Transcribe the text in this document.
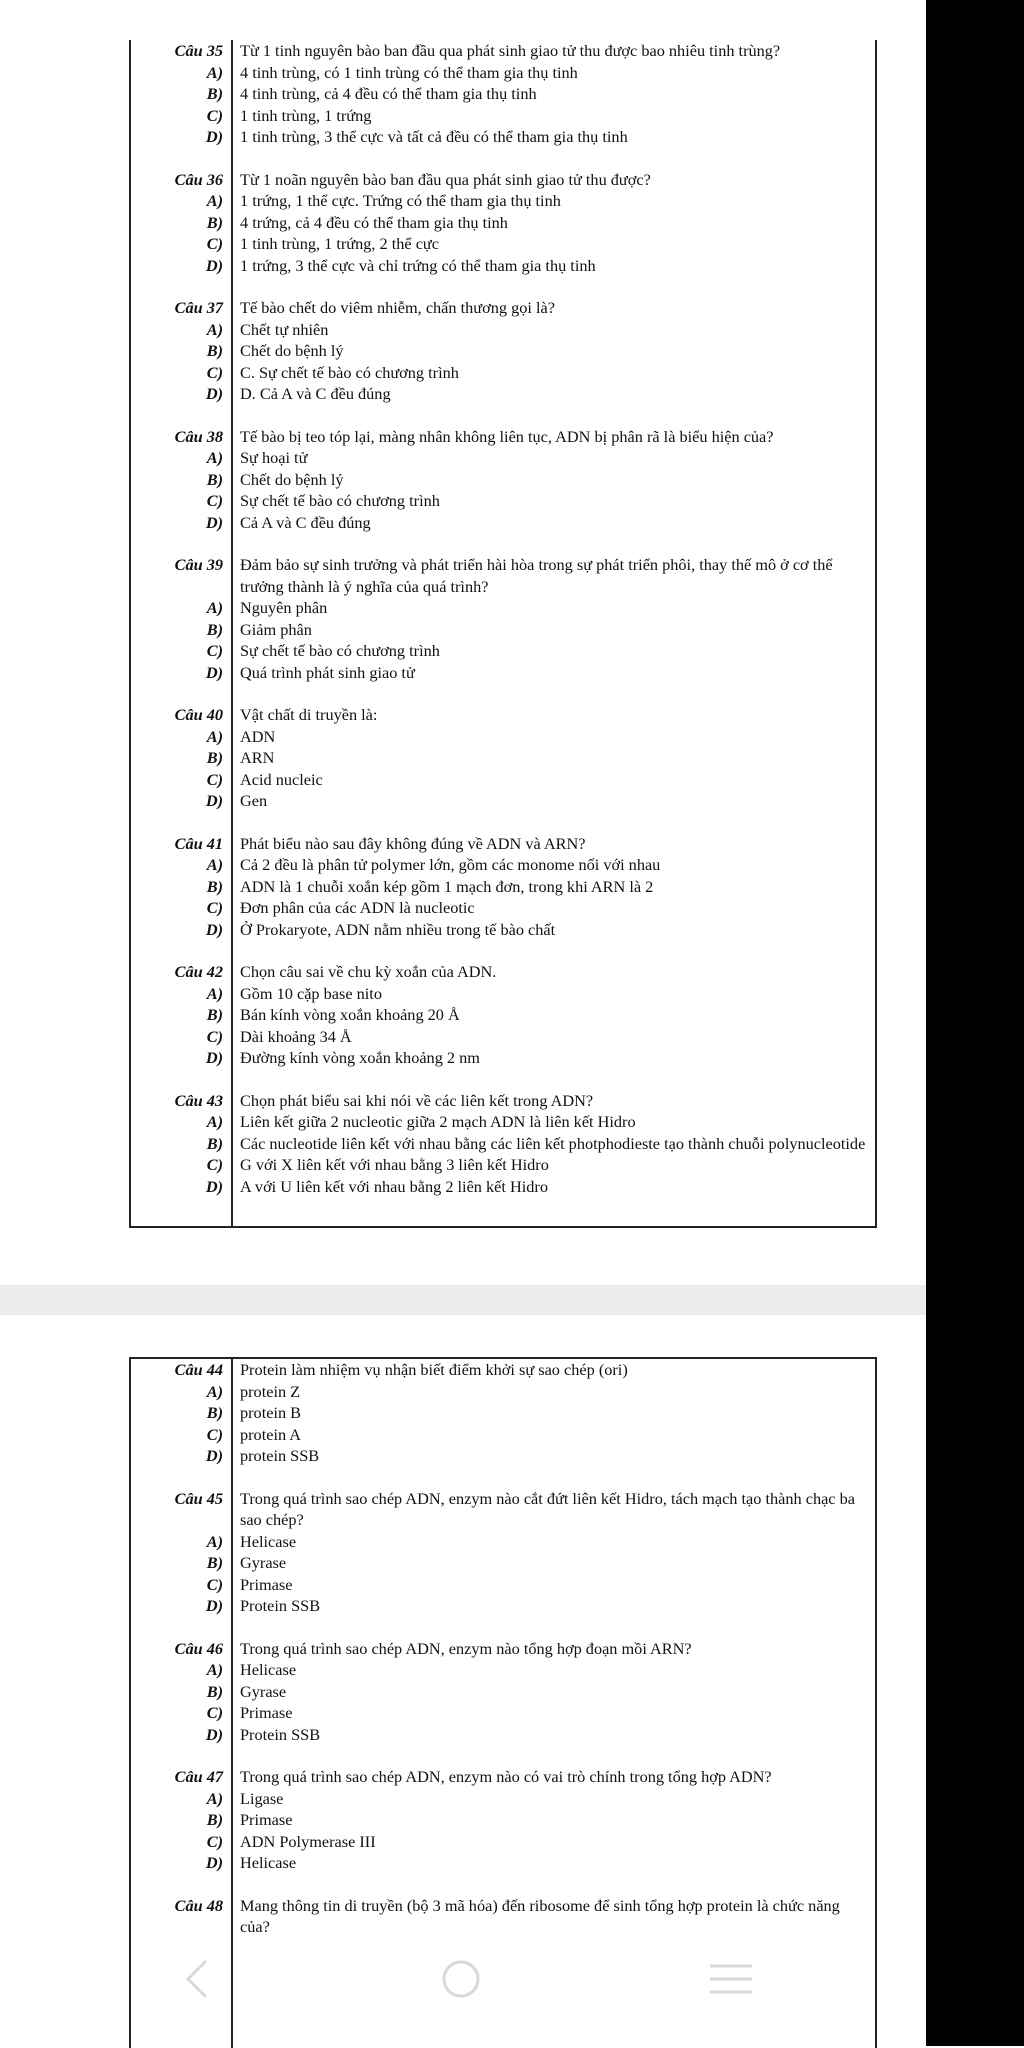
Câu 35	Từ 1 tinh nguyên bào ban đầu qua phát sinh giao tử thu được bao nhiêu tinh trùng?
A)	4 tinh trùng, có 1 tinh trùng có thể tham gia thụ tinh
B)	4 tinh trùng, cả 4 đều có thể tham gia thụ tinh
C)	1 tinh trùng, 1 trứng
D)	1 tinh trùng, 3 thể cực và tất cả đều có thể tham gia thụ tinh
Câu 36	Từ 1 noãn nguyên bào ban đầu qua phát sinh giao tử thu được?
A)	1 trứng, 1 thể cực. Trứng có thể tham gia thụ tinh
B)	4 trứng, cả 4 đều có thể tham gia thụ tinh
C)	1 tinh trùng, 1 trứng, 2 thể cực
D)	1 trứng, 3 thể cực và chỉ trứng có thể tham gia thụ tinh
Câu 37	Tế bào chết do viêm nhiễm, chấn thương gọi là?
A)	Chết tự nhiên
B)	Chết do bệnh lý
C)	C. Sự chết tế bào có chương trình
D)	D. Cả A và C đều đúng
Câu 38	Tế bào bị teo tóp lại, màng nhân không liên tục, ADN bị phân rã là biểu hiện của?
A)	Sự hoại tử
B)	Chết do bệnh lý
C)	Sự chết tế bào có chương trình
D)	Cả A và C đều đúng
Câu 39	Đảm bảo sự sinh trưởng và phát triển hài hòa trong sự phát triển phôi, thay thế mô ở cơ thể trưởng thành là ý nghĩa của quá trình?
A)	Nguyên phân
B)	Giảm phân
C)	Sự chết tế bào có chương trình
D)	Quá trình phát sinh giao tử
Câu 40	Vật chất di truyền là:
A)	ADN
B)	ARN
C)	Acid nucleic
D)	Gen
Câu 41	Phát biểu nào sau đây không đúng về ADN và ARN?
A)	Cả 2 đều là phân tử polymer lớn, gồm các monome nối với nhau
B)	ADN là 1 chuỗi xoắn kép gồm 1 mạch đơn, trong khi ARN là 2
C)	Đơn phân của các ADN là nucleotic
D)	Ở Prokaryote, ADN nằm nhiều trong tế bào chất
Câu 42	Chọn câu sai về chu kỳ xoắn của ADN.
A)	Gồm 10 cặp base nito
B)	Bán kính vòng xoắn khoảng 20 Å
C)	Dài khoảng 34 Å
D)	Đường kính vòng xoắn khoảng 2 nm
Câu 43	Chọn phát biểu sai khi nói về các liên kết trong ADN?
A)	Liên kết giữa 2 nucleotic giữa 2 mạch ADN là liên kết Hidro
B)	Các nucleotide liên kết với nhau bằng các liên kết photphodieste tạo thành chuỗi polynucleotide
C)	G với X liên kết với nhau bằng 3 liên kết Hidro
D)	A với U liên kết với nhau bằng 2 liên kết Hidro
Câu 44	Protein làm nhiệm vụ nhận biết điểm khởi sự sao chép (ori)
A)	protein Z
B)	protein B
C)	protein A
D)	protein SSB
Câu 45	Trong quá trình sao chép ADN, enzym nào cắt đứt liên kết Hidro, tách mạch tạo thành chạc ba sao chép?
A)	Helicase
B)	Gyrase
C)	Primase
D)	Protein SSB
Câu 46	Trong quá trình sao chép ADN, enzym nào tổng hợp đoạn mồi ARN?
A)	Helicase
B)	Gyrase
C)	Primase
D)	Protein SSB
Câu 47	Trong quá trình sao chép ADN, enzym nào có vai trò chính trong tổng hợp ADN?
A)	Ligase
B)	Primase
C)	ADN Polymerase III
D)	Helicase
Câu 48	Mang thông tin di truyền (bộ 3 mã hóa) đến ribosome để sinh tổng hợp protein là chức năng của?
